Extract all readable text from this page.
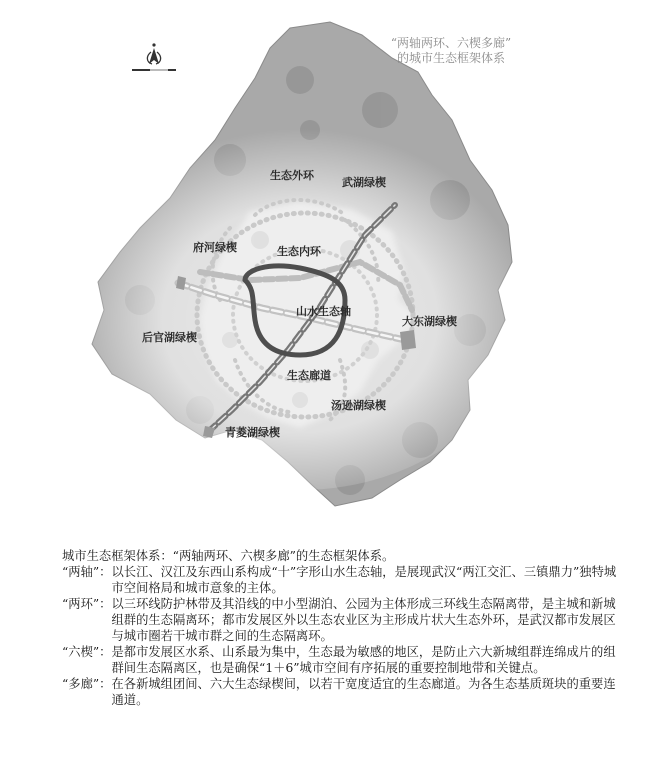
生态外环
武湖绿楔
府河绿楔	生态内环
山水生态轴
大东湖绿楔
后官湖绿楔
生态廊道
汤逊湖绿楔
青菱湖绿楔
“两轴两环、六楔多廊”
的城市生态框架体系
城市生态框架体系：“两轴两环、六楔多廊”的生态框架体系。
“两轴”： 以长江、汉江及东西山系构成“十”字形山水生态轴，是展现武汉“两江交汇、三镇鼎力”独特城市空间格局和城市意象的主体。
“两环”： 以三环线防护林带及其沿线的中小型湖泊、公园为主体形成三环线生态隔离带，是主城和新城组群的生态隔离环；都市发展区外以生态农业区为主形成片状大生态外环，是武汉都市发展区与城市圈若干城市群之间的生态隔离环。
“六楔”： 是都市发展区水系、山系最为集中，生态最为敏感的地区，是防止六大新城组群连绵成片的组群间生态隔离区，也是确保“1＋6”城市空间有序拓展的重要控制地带和关键点。
“多廊”： 在各新城组团间、六大生态绿楔间，以若干宽度适宜的生态廊道。为各生态基质斑块的重要连通道。
